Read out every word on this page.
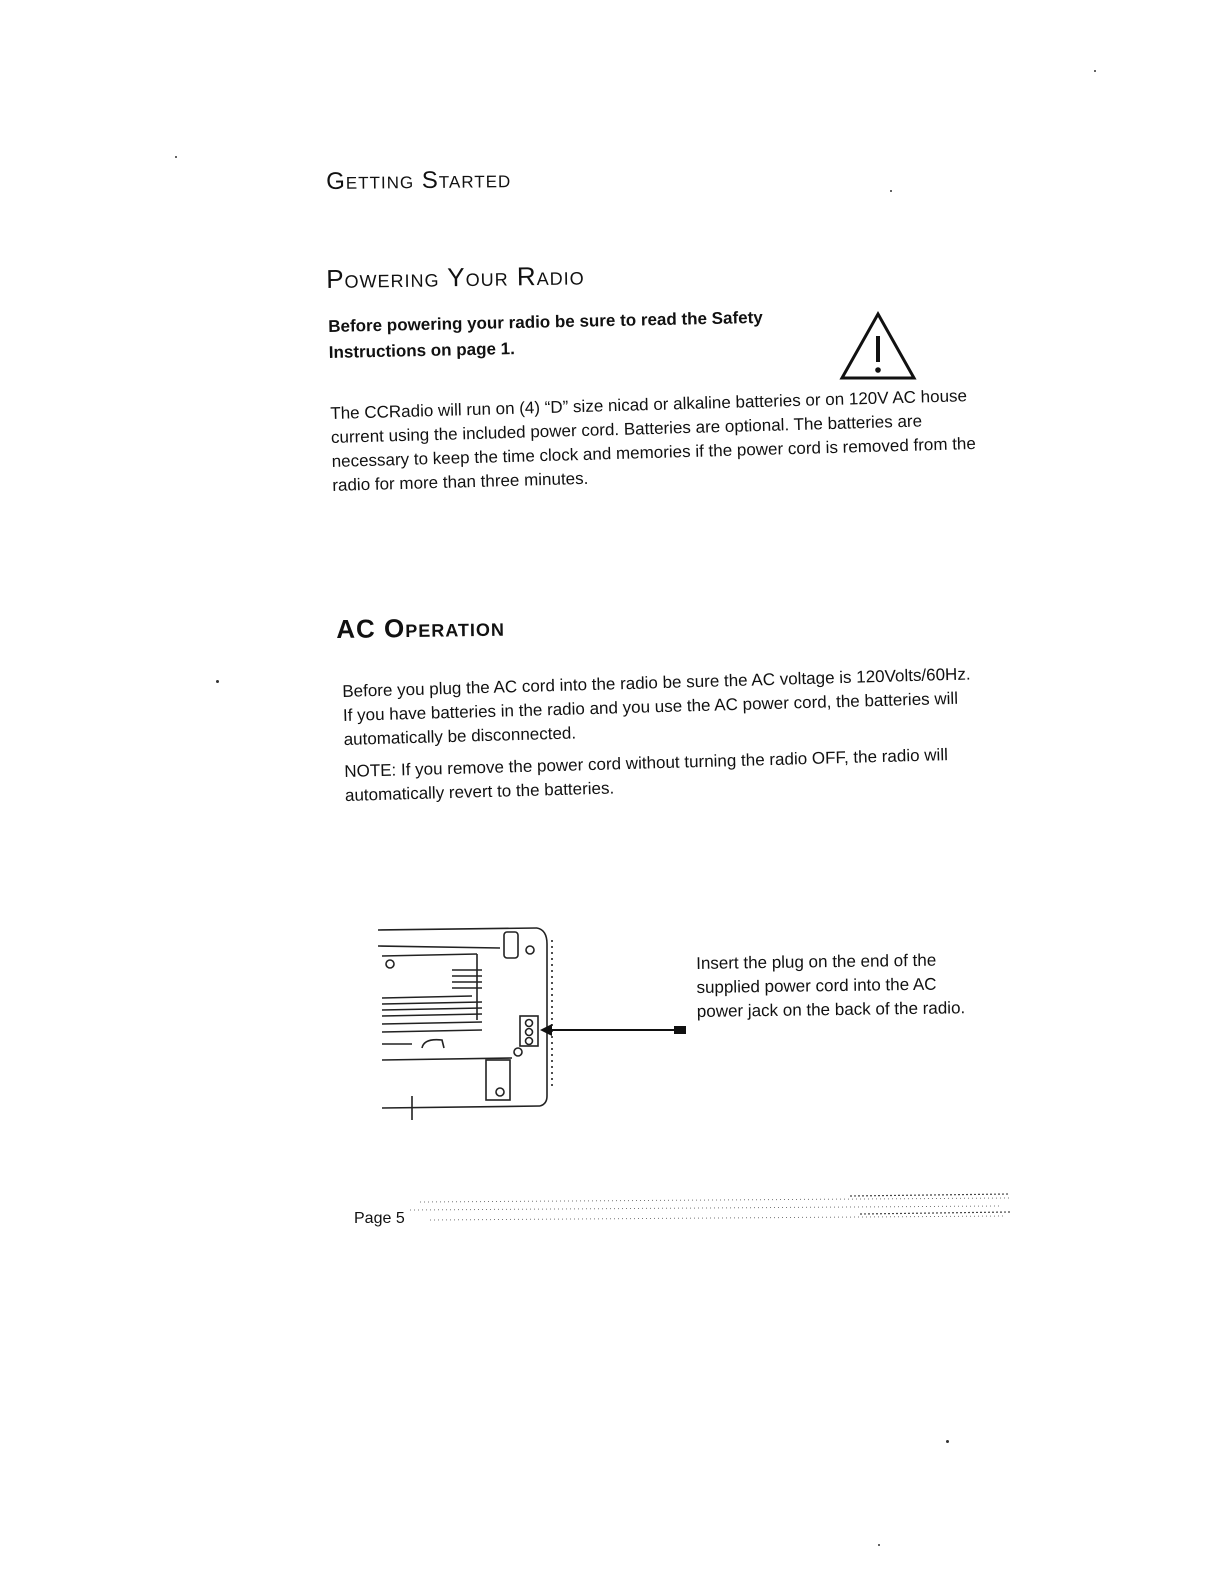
Getting Started
Powering Your Radio
Before powering your radio be sure to read the Safety Instructions on page 1.
The CCRadio will run on (4) “D” size nicad or alkaline batteries or on 120V AC house current using the included power cord. Batteries are optional. The batteries are necessary to keep the time clock and memories if the power cord is removed from the radio for more than three minutes.
AC Operation
Before you plug the AC cord into the radio be sure the AC voltage is 120Volts/60Hz. If you have batteries in the radio and you use the AC power cord, the batteries will automatically be disconnected.
NOTE: If you remove the power cord without turning the radio OFF, the radio will automatically revert to the batteries.
Insert the plug on the end of the supplied power cord into the AC power jack on the back of the radio.
Page 5
